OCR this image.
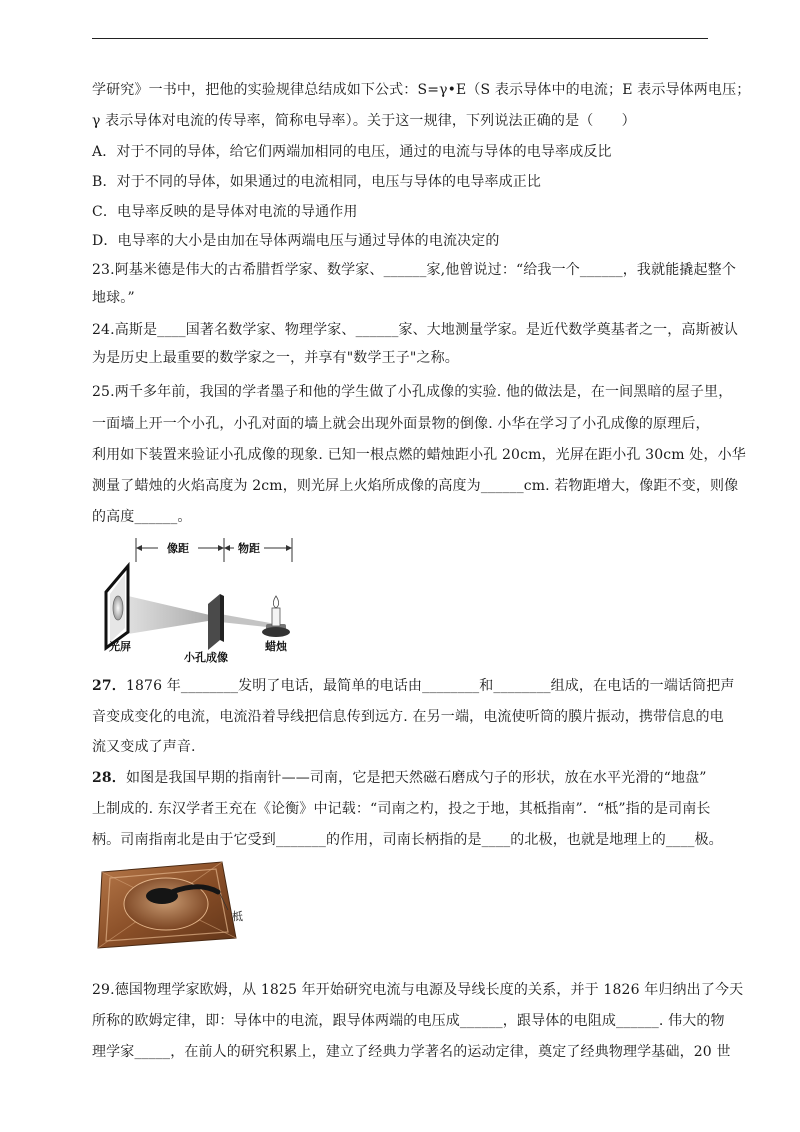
学研究》一书中，把他的实验规律总结成如下公式：S=γ•E（S 表示导体中的电流；E 表示导体两电压；
γ 表示导体对电流的传导率，简称电导率）。关于这一规律，下列说法正确的是（　　）
A．对于不同的导体，给它们两端加相同的电压，通过的电流与导体的电导率成反比
B．对于不同的导体，如果通过的电流相同，电压与导体的电导率成正比
C．电导率反映的是导体对电流的导通作用
D．电导率的大小是由加在导体两端电压与通过导体的电流决定的
23.阿基米德是伟大的古希腊哲学家、数学家、______家,他曾说过：“给我一个______，我就能撬起整个
地球。”
24.高斯是____国著名数学家、物理学家、______家、大地测量学家。是近代数学奠基者之一，高斯被认
为是历史上最重要的数学家之一，并享有"数学王子"之称。
25.两千多年前，我国的学者墨子和他的学生做了小孔成像的实验. 他的做法是，在一间黑暗的屋子里，
一面墙上开一个小孔，小孔对面的墙上就会出现外面景物的倒像. 小华在学习了小孔成像的原理后，
利用如下装置来验证小孔成像的现象. 已知一根点燃的蜡烛距小孔 20cm，光屏在距小孔 30cm 处，小华
测量了蜡烛的火焰高度为 2cm，则光屏上火焰所成像的高度为______cm. 若物距增大，像距不变，则像
的高度______。
像距	物距
光屏
小孔成像
蜡烛
27．1876 年________发明了电话，最简单的电话由________和________组成，在电话的一端话筒把声
音变成变化的电流，电流沿着导线把信息传到远方. 在另一端，电流使听筒的膜片振动，携带信息的电
流又变成了声音.
28．如图是我国早期的指南针——司南，它是把天然磁石磨成勺子的形状，放在水平光滑的“地盘”
上制成的. 东汉学者王充在《论衡》中记载：“司南之杓，投之于地，其柢指南”．“柢”指的是司南长
柄。司南指南北是由于它受到_______的作用，司南长柄指的是____的北极，也就是地理上的____极。
柢
29.德国物理学家欧姆，从 1825 年开始研究电流与电源及导线长度的关系，并于 1826 年归纳出了今天
所称的欧姆定律，即：导体中的电流，跟导体两端的电压成______，跟导体的电阻成______. 伟大的物
理学家_____，在前人的研究积累上，建立了经典力学著名的运动定律，奠定了经典物理学基础，20 世
